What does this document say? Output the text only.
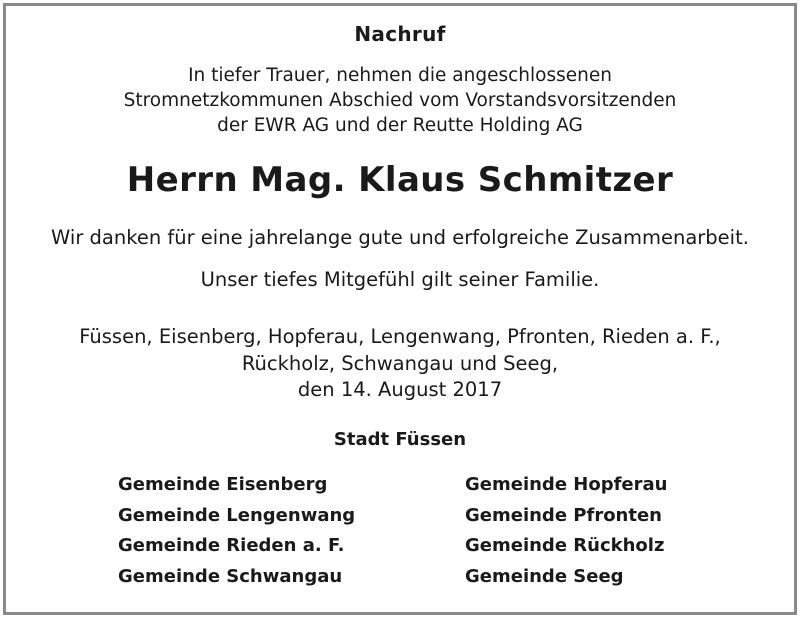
Nachruf
In tiefer Trauer, nehmen die angeschlossenen
Stromnetzkommunen Abschied vom Vorstandsvorsitzenden
der EWR AG und der Reutte Holding AG
Herrn Mag. Klaus Schmitzer
Wir danken für eine jahrelange gute und erfolgreiche Zusammenarbeit.
Unser tiefes Mitgefühl gilt seiner Familie.
Füssen, Eisenberg, Hopferau, Lengenwang, Pfronten, Rieden a. F.,
Rückholz, Schwangau und Seeg,
den 14. August 2017
Stadt Füssen
Gemeinde Eisenberg
Gemeinde Lengenwang
Gemeinde Rieden a. F.
Gemeinde Schwangau
Gemeinde Hopferau
Gemeinde Pfronten
Gemeinde Rückholz
Gemeinde Seeg
